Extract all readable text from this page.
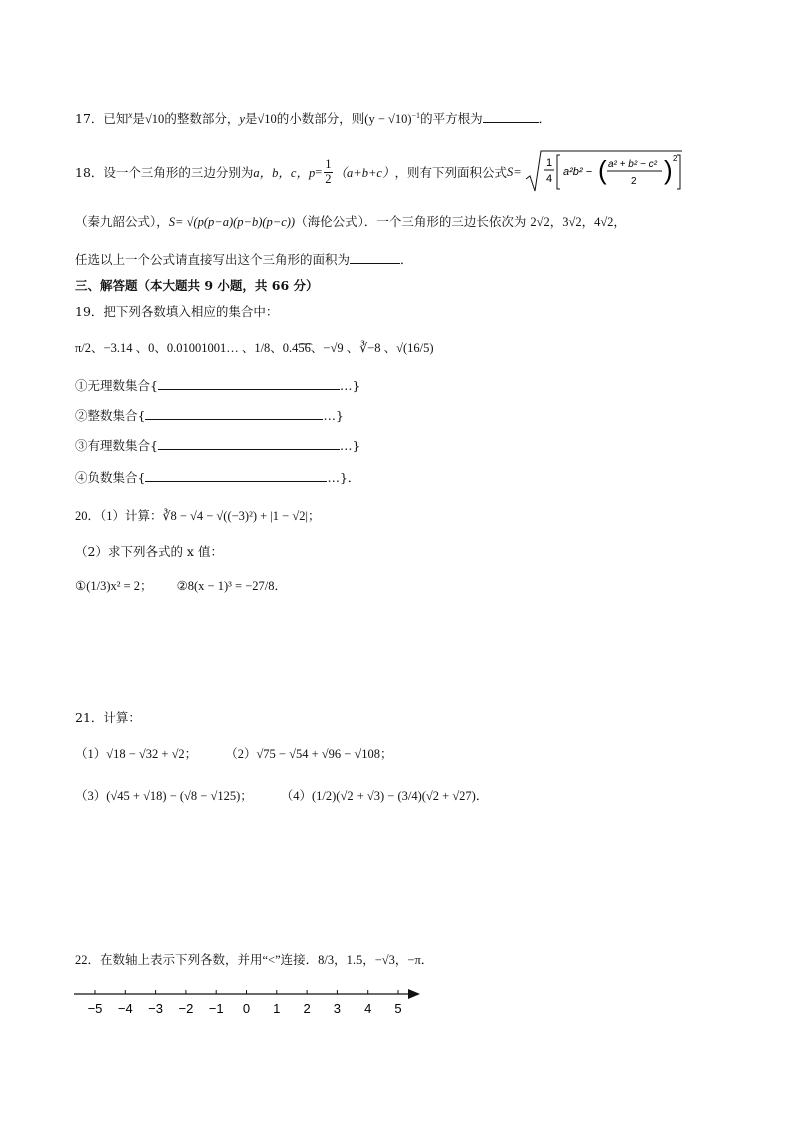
17．已知$^x$是√10的整数部分，y是√10的小数部分，则$(y - √10)^{-1}$的平方根为	．
18． 设一个三角形的三边分别为 a，b，c，$p = \frac{1}{2} (a+b+c)$ ，则有下列面积公式 S=
1
4
a²b² − ( a² + b² − c²
2 ) 2
（秦九韶公式），S= √(p(p−a)(p−b)(p−c))（海伦公式）．一个三角形的三边长依次为 2√2，3√2，4√2，
任选以上一个公式请直接写出这个三角形的面积为	．
三、解答题（本大题共 9 小题，共 66 分）
19．把下列各数填入相应的集合中：
π/2、−3.14 、0、0.01001001… 、1/8、0.4͡5͡6、−√9 、∛−8 、√(16/5)
①无理数集合{	…}
②整数集合{	…}
③有理数集合{	…}
④负数集合{	…}．
20．（1）计算：∛8 − √4 − √((−3)²) + |1 − √2|；
（2）求下列各式的 x 值：
①(1/3)x² = 2； ②8(x − 1)³ = −27/8．
21．计算：
（1）√18 − √32 + √2； （2）√75 − √54 + √96 − √108；
（3）(√45 + √18) − (√8 − √125)； （4）(1/2)(√2 + √3) − (3/4)(√2 + √27)．
22．在数轴上表示下列各数，并用“<”连接．8/3，1.5，−√3，−π．
−5 −4 −3 −2 −1 0 1 2 3 4 5
